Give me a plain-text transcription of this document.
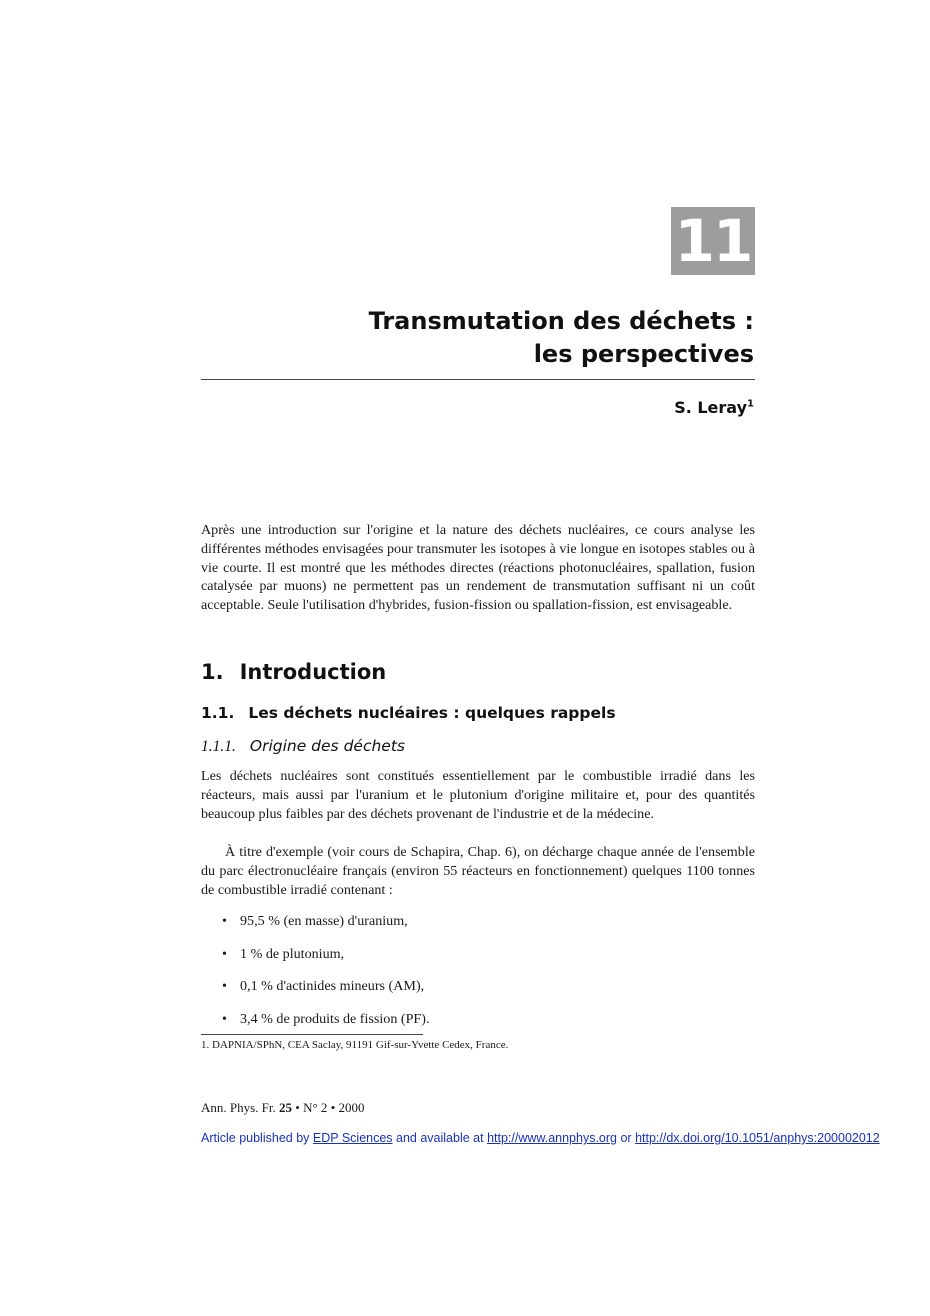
11
Transmutation des déchets :
les perspectives
S. Leray$^1$
Après une introduction sur l'origine et la nature des déchets nucléaires, ce cours analyse les différentes méthodes envisagées pour transmuter les isotopes à vie longue en isotopes stables ou à vie courte. Il est montré que les méthodes directes (réactions photonucléaires, spallation, fusion catalysée par muons) ne permettent pas un rendement de transmutation suffisant ni un coût acceptable. Seule l'utilisation d'hybrides, fusion-fission ou spallation-fission, est envisageable.
1. Introduction
1.1. Les déchets nucléaires : quelques rappels
1.1.1. Origine des déchets
Les déchets nucléaires sont constitués essentiellement par le combustible irradié dans les réacteurs, mais aussi par l'uranium et le plutonium d'origine militaire et, pour des quantités beaucoup plus faibles par des déchets provenant de l'industrie et de la médecine.
À titre d'exemple (voir cours de Schapira, Chap. 6), on décharge chaque année de l'ensemble du parc électronucléaire français (environ 55 réacteurs en fonctionnement) quelques 1100 tonnes de combustible irradié contenant :
• 95,5 % (en masse) d'uranium,
• 1 % de plutonium,
• 0,1 % d'actinides mineurs (AM),
• 3,4 % de produits de fission (PF).
1. DAPNIA/SPhN, CEA Saclay, 91191 Gif-sur-Yvette Cedex, France.
Ann. Phys. Fr. 25 • N° 2 • 2000
Article published by EDP Sciences and available at http://www.annphys.org or http://dx.doi.org/10.1051/anphys:200002012
